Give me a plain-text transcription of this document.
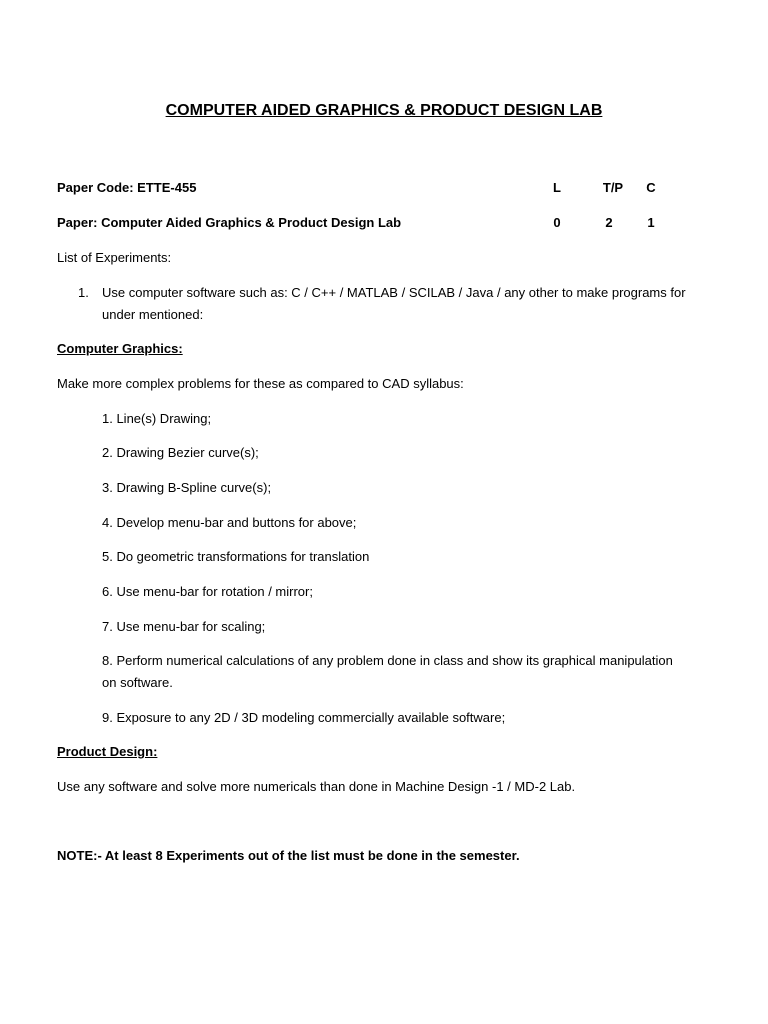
COMPUTER AIDED GRAPHICS & PRODUCT DESIGN LAB
Paper Code: ETTE-455	L	T/P	C
Paper: Computer Aided Graphics & Product Design Lab	0	2	1
List of Experiments:
1. Use computer software such as: C / C++ / MATLAB / SCILAB / Java / any other to make programs for
under mentioned:
Computer Graphics:
Make more complex problems for these as compared to CAD syllabus:
1. Line(s) Drawing;
2. Drawing Bezier curve(s);
3. Drawing B-Spline curve(s);
4. Develop menu-bar and buttons for above;
5. Do geometric transformations for translation
6. Use menu-bar for rotation / mirror;
7. Use menu-bar for scaling;
8. Perform numerical calculations of any problem done in class and show its graphical manipulation
on software.
9. Exposure to any 2D / 3D modeling commercially available software;
Product Design:
Use any software and solve more numericals than done in Machine Design -1 / MD-2 Lab.
NOTE:- At least 8 Experiments out of the list must be done in the semester.
